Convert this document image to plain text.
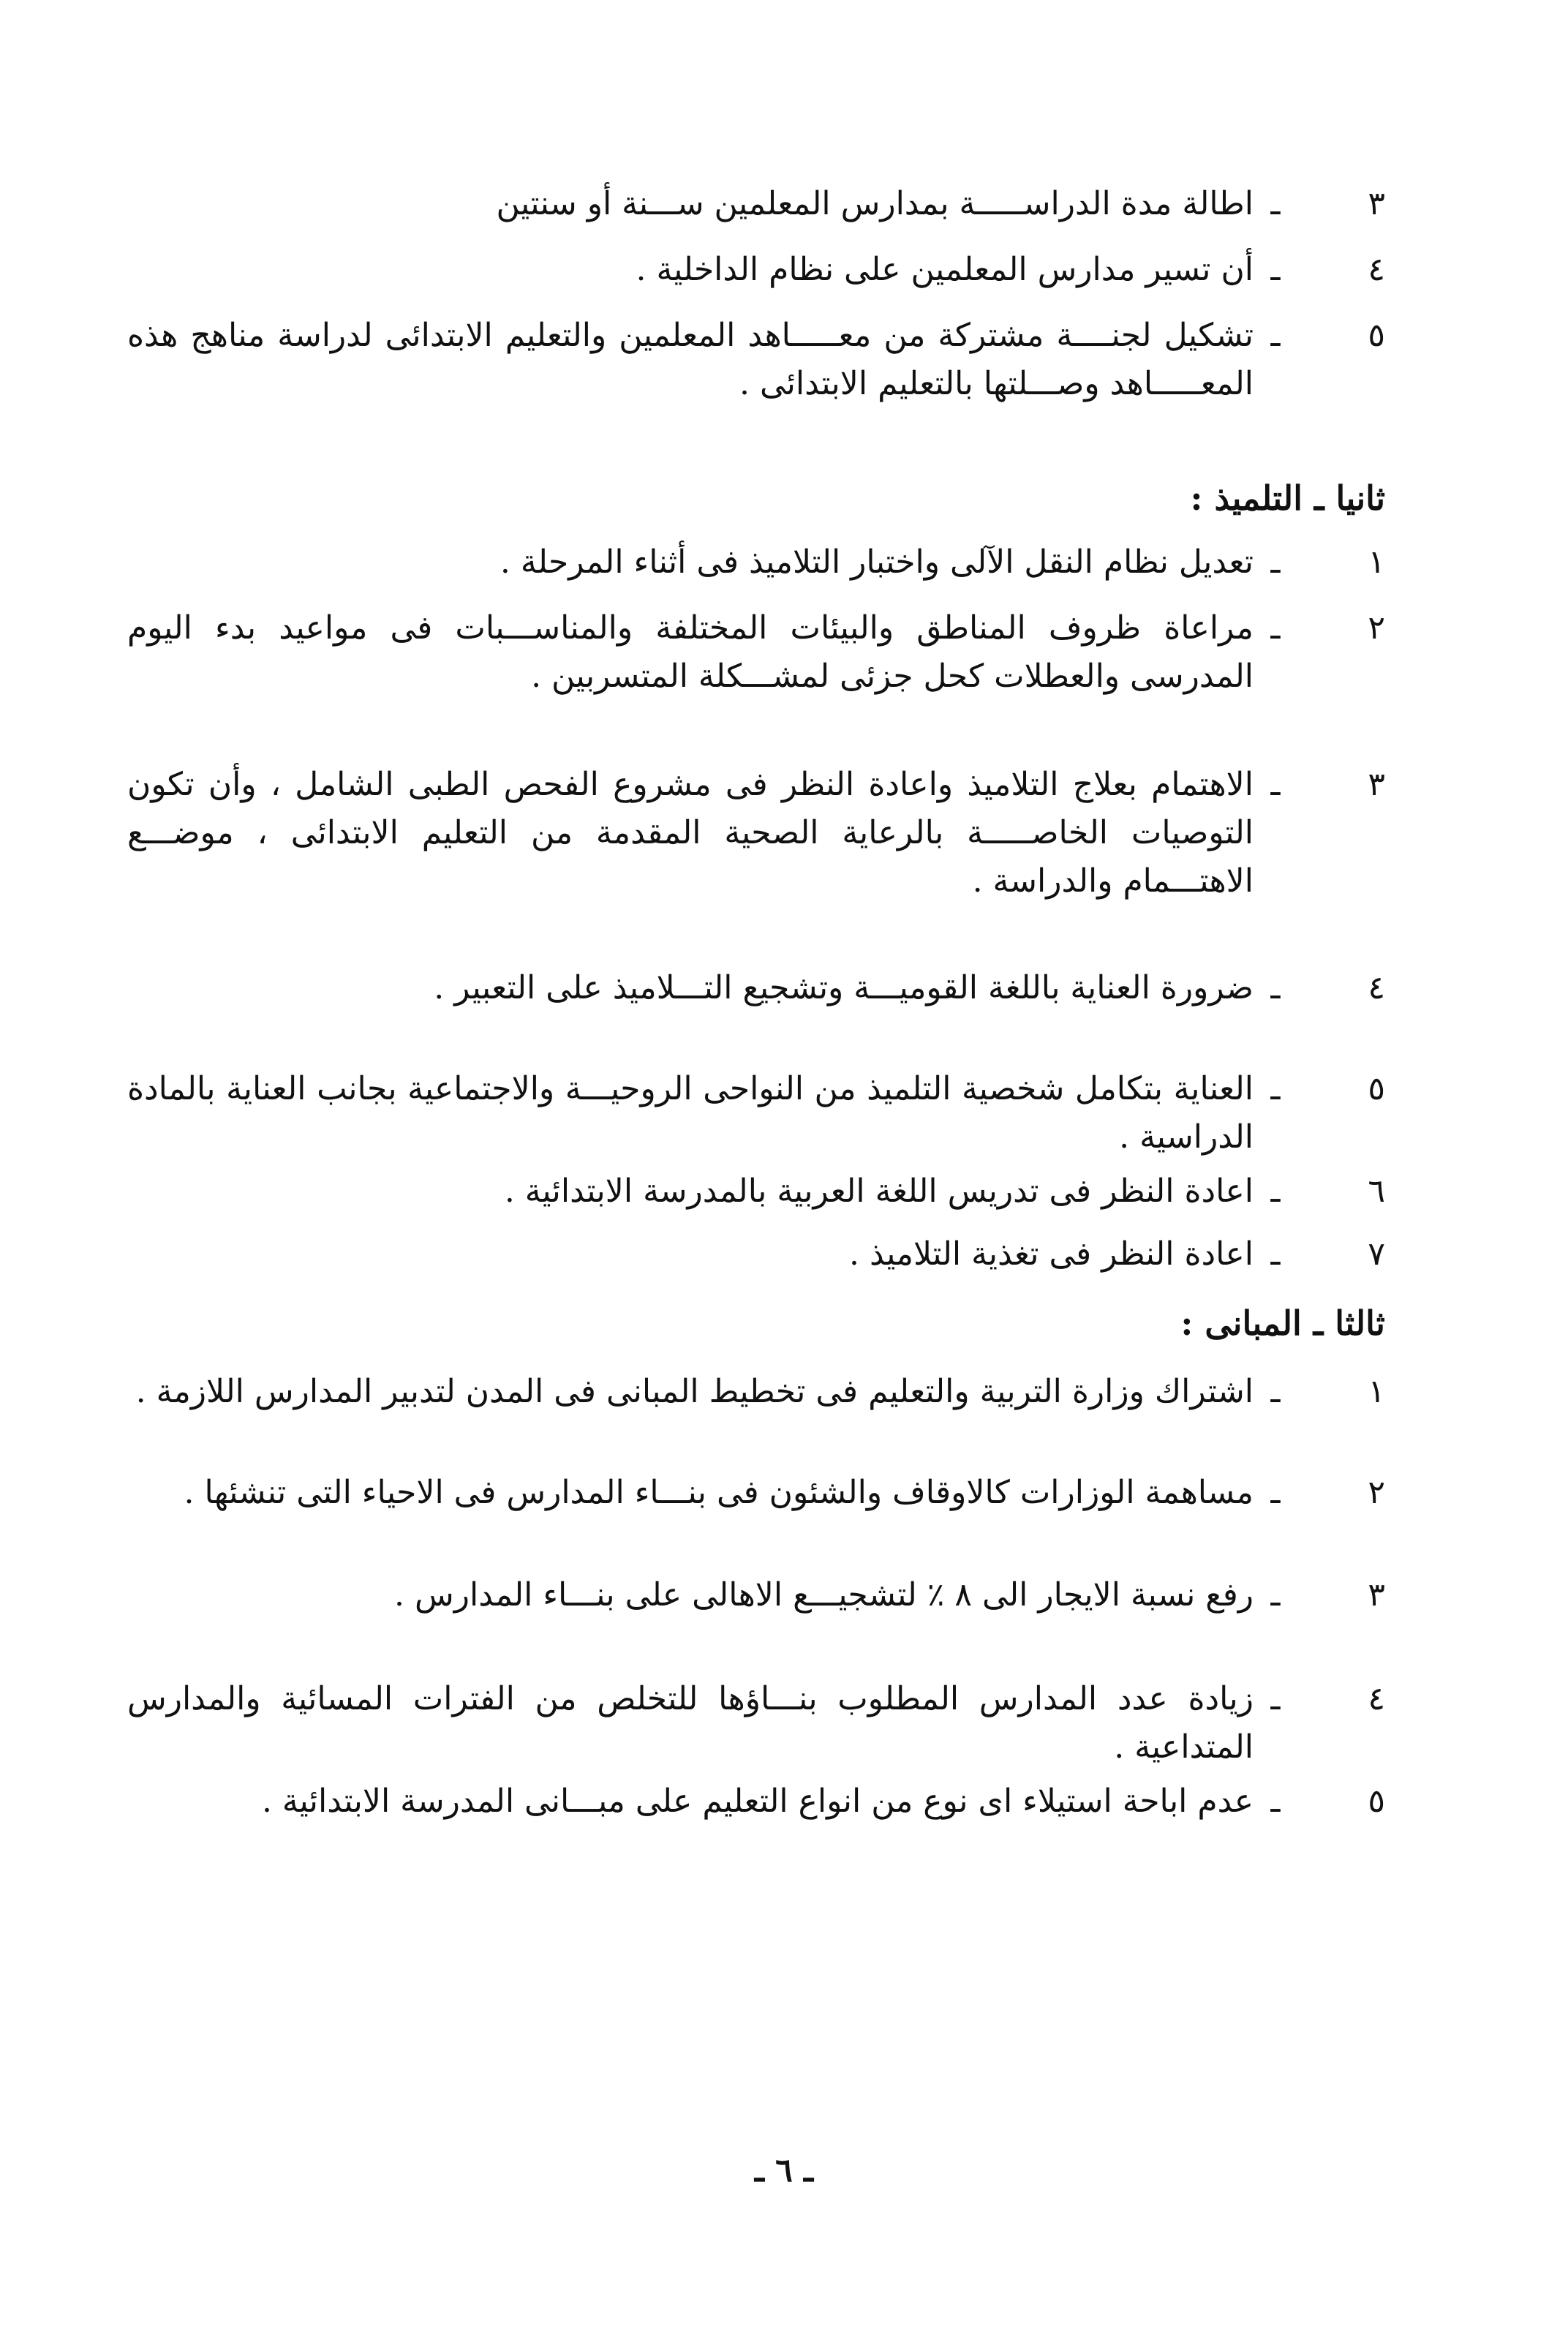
٣
ـ
اطالة مدة الدراســـــة بمدارس المعلمين ســـنة أو سنتين
٤
ـ
أن تسير مدارس المعلمين على نظام الداخلية .
٥
ـ
تشكيل لجنــــة مشتركة من معـــــاهد المعلمين والتعليم الابتدائى لدراسة مناهج هذه المعـــــاهد وصـــلتها بالتعليم الابتدائى .
ثانيا ـ التلميذ :
١
ـ
تعديل نظام النقل الآلى واختبار التلاميذ فى أثناء المرحلة .
٢
ـ
مراعاة ظروف المناطق والبيئات المختلفة والمناســـبات فى مواعيد بدء اليوم المدرسى والعطلات كحل جزئى لمشـــكلة المتسربين .
٣
ـ
الاهتمام بعلاج التلاميذ واعادة النظر فى مشروع الفحص الطبى الشامل ، وأن تكون التوصيات الخاصـــــة بالرعاية الصحية المقدمة من التعليم الابتدائى ، موضـــع الاهتـــمام والدراسة .
٤
ـ
ضرورة العناية باللغة القوميـــة وتشجيع التـــلاميذ على التعبير .
٥
ـ
العناية بتكامل شخصية التلميذ من النواحى الروحيـــة والاجتماعية بجانب العناية بالمادة الدراسية .
٦
ـ
اعادة النظر فى تدريس اللغة العربية بالمدرسة الابتدائية .
٧
ـ
اعادة النظر فى تغذية التلاميذ .
ثالثا ـ المبانى :
١
ـ
اشتراك وزارة التربية والتعليم فى تخطيط المبانى فى المدن لتدبير المدارس اللازمة .
٢
ـ
مساهمة الوزارات كالاوقاف والشئون فى بنـــاء المدارس فى الاحياء التى تنشئها .
٣
ـ
رفع نسبة الايجار الى ٨ ٪ لتشجيـــع الاهالى على بنـــاء المدارس .
٤
ـ
زيادة عدد المدارس المطلوب بنـــاؤها للتخلص من الفترات المسائية والمدارس المتداعية .
٥
ـ
عدم اباحة استيلاء اى نوع من انواع التعليم على مبـــانى المدرسة الابتدائية .
ـ ٦ ـ
